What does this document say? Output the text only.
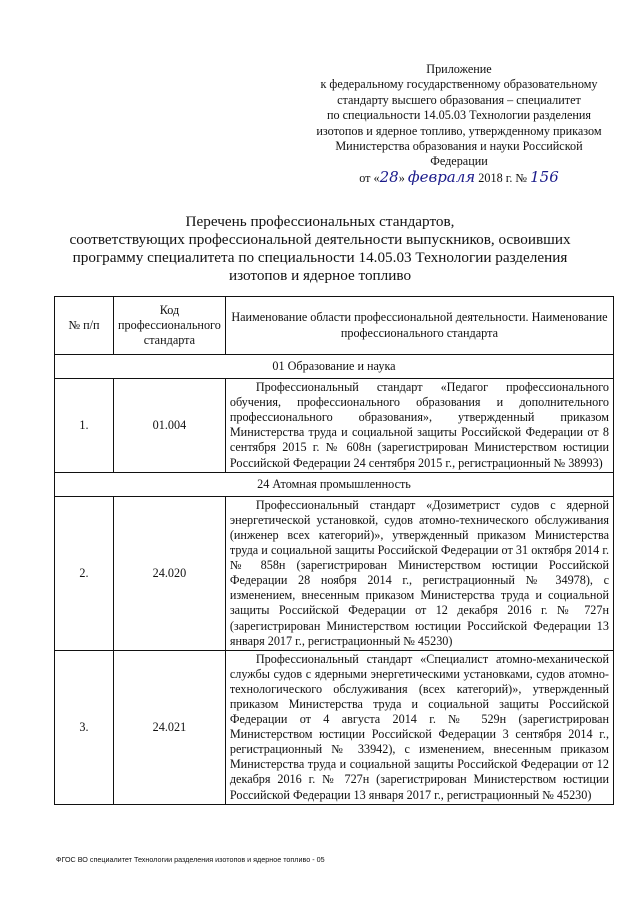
Приложение
к федеральному государственному образовательному
стандарту высшего образования – специалитет
по специальности 14.05.03 Технологии разделения
изотопов и ядерное топливо, утвержденному приказом
Министерства образования и науки Российской
Федерации
от «28» февраля 2018 г. № 156
Перечень профессиональных стандартов,
соответствующих профессиональной деятельности выпускников, освоивших
программу специалитета по специальности 14.05.03 Технологии разделения
изотопов и ядерное топливо
№ п/п	Код профессионального стандарта	Наименование области профессиональной деятельности. Наименование профессионального стандарта
01 Образование и наука		
1.	01.004	Профессиональный стандарт «Педагог профессионального обучения, профессионального образования и дополнительного профессионального образования», утвержденный приказом Министерства труда и социальной защиты Российской Федерации от 8 сентября 2015 г. № 608н (зарегистрирован Министерством юстиции Российской Федерации 24 сентября 2015 г., регистрационный № 38993)

24 Атомная промышленность		
2.	24.020	Профессиональный стандарт «Дозиметрист судов с ядерной энергетической установкой, судов атомно-технического обслуживания (инженер всех категорий)», утвержденный приказом Министерства труда и социальной защиты Российской Федерации от 31 октября 2014 г. № 858н (зарегистрирован Министерством юстиции Российской Федерации 28 ноября 2014 г., регистрационный № 34978), с изменением, внесенным приказом Министерства труда и социальной защиты Российской Федерации от 12 декабря 2016 г. № 727н (зарегистрирован Министерством юстиции Российской Федерации 13 января 2017 г., регистрационный № 45230)

3.	24.021	Профессиональный стандарт «Специалист атомно-механической службы судов с ядерными энергетическими установками, судов атомно-технологического обслуживания (всех категорий)», утвержденный приказом Министерства труда и социальной защиты Российской Федерации от 4 августа 2014 г. № 529н (зарегистрирован Министерством юстиции Российской Федерации 3 сентября 2014 г., регистрационный № 33942), с изменением, внесенным приказом Министерства труда и социальной защиты Российской Федерации от 12 декабря 2016 г. № 727н (зарегистрирован Министерством юстиции Российской Федерации 13 января 2017 г., регистрационный № 45230)

ФГОС ВО специалитет Технологии разделения изотопов и ядерное топливо - 05
